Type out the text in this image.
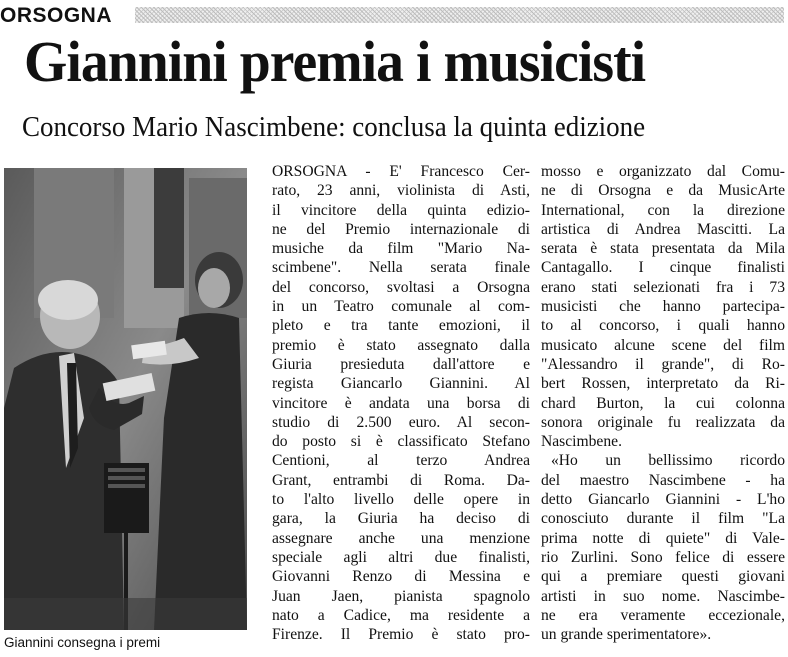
ORSOGNA
Giannini premia i musicisti
Concorso Mario Nascimbene: conclusa la quinta edizione
Giannini consegna i premi
ORSOGNA - E' Francesco Cer-
rato, 23 anni, violinista di Asti,
il vincitore della quinta edizio-
ne del Premio internazionale di
musiche da film "Mario Na-
scimbene". Nella serata finale
del concorso, svoltasi a Orsogna
in un Teatro comunale al com-
pleto e tra tante emozioni, il
premio è stato assegnato dalla
Giuria presieduta dall'attore e
regista Giancarlo Giannini. Al
vincitore è andata una borsa di
studio di 2.500 euro. Al secon-
do posto si è classificato Stefano
Centioni, al terzo Andrea
Grant, entrambi di Roma. Da-
to l'alto livello delle opere in
gara, la Giuria ha deciso di
assegnare anche una menzione
speciale agli altri due finalisti,
Giovanni Renzo di Messina e
Juan Jaen, pianista spagnolo
nato a Cadice, ma residente a
Firenze. Il Premio è stato pro-
mosso e organizzato dal Comu-
ne di Orsogna e da MusicArte
International, con la direzione
artistica di Andrea Mascitti. La
serata è stata presentata da Mila
Cantagallo. I cinque finalisti
erano stati selezionati fra i 73
musicisti che hanno partecipa-
to al concorso, i quali hanno
musicato alcune scene del film
"Alessandro il grande", di Ro-
bert Rossen, interpretato da Ri-
chard Burton, la cui colonna
sonora originale fu realizzata da
Nascimbene.
«Ho un bellissimo ricordo
del maestro Nascimbene - ha
detto Giancarlo Giannini - L'ho
conosciuto durante il film "La
prima notte di quiete" di Vale-
rio Zurlini. Sono felice di essere
qui a premiare questi giovani
artisti in suo nome. Nascimbe-
ne era veramente eccezionale,
un grande sperimentatore».
